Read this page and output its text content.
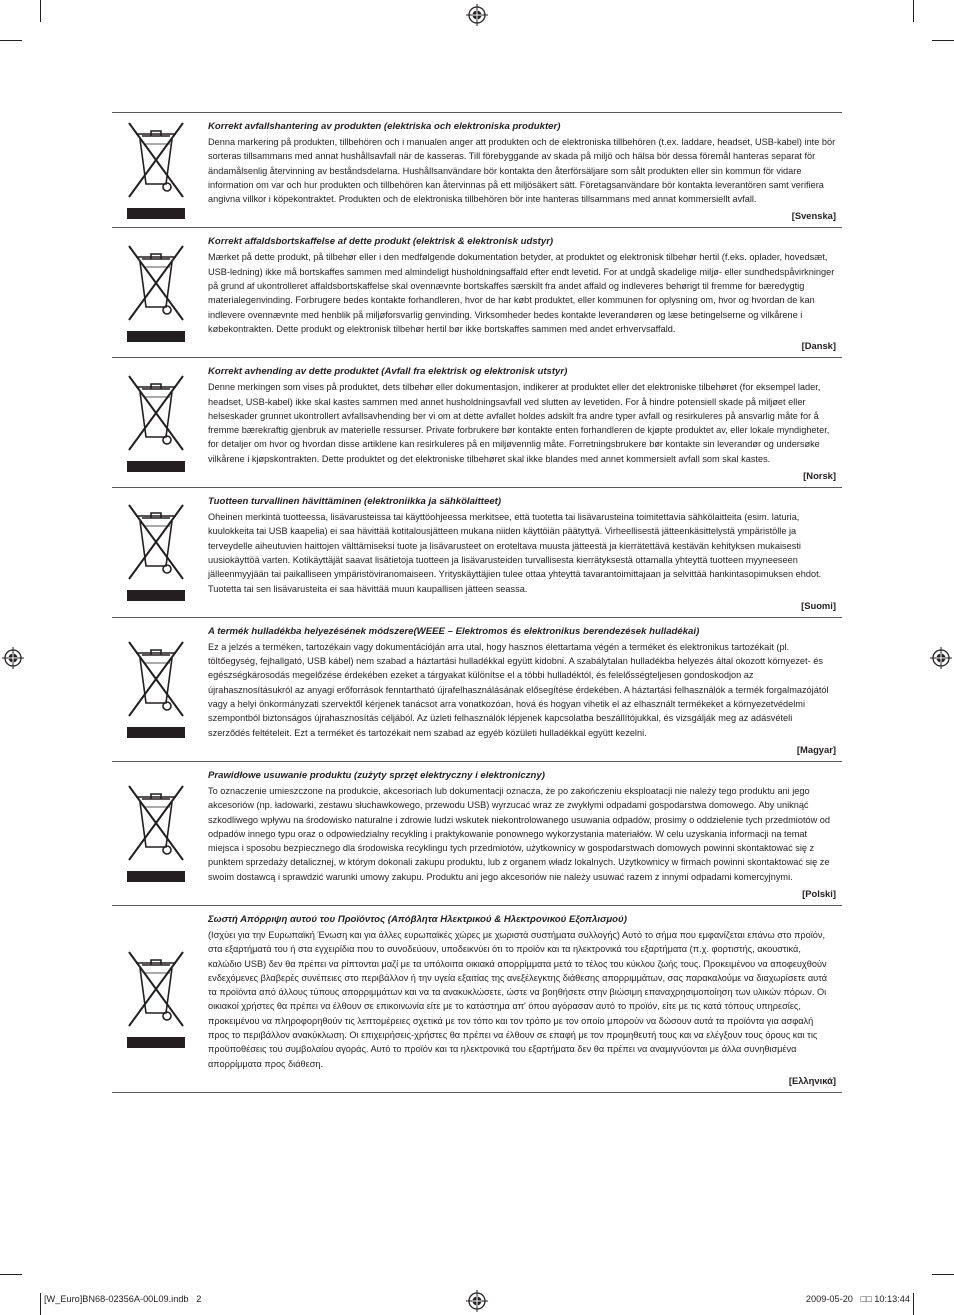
Korrekt avfallshantering av produkten (elektriska och elektroniska produkter)

Denna markering på produkten, tillbehören och i manualen anger att produkten och de elektroniska tillbehören (t.ex. laddare, headset, USB-kabel) inte bör sorteras tillsammans med annat hushållsavfall när de kasseras. Till förebyggande av skada på miljö och hälsa bör dessa föremål hanteras separat för ändamålsenlig återvinning av beståndsdelarna. Hushållsanvändare bör kontakta den återförsäljare som sålt produkten eller sin kommun för vidare information om var och hur produkten och tillbehören kan återvinnas på ett miljösäkert sätt. Företagsanvändare bör kontakta leverantören samt verifiera angivna villkor i köpekontraktet. Produkten och de elektroniska tillbehören bör inte hanteras tillsammans med annat kommersiellt avfall.

[Svenska]
Korrekt affaldsbortskaffelse af dette produkt (elektrisk & elektronisk udstyr)

Mærket på dette produkt, på tilbehør eller i den medfølgende dokumentation betyder, at produktet og elektronisk tilbehør hertil (f.eks. oplader, hovedsæt, USB-ledning) ikke må bortskaffes sammen med almindeligt husholdningsaffald efter endt levetid. For at undgå skadelige miljø- eller sundhedspåvirkninger på grund af ukontrolleret affaldsbortskaffelse skal ovennævnte bortskaffes særskilt fra andet affald og indleveres behørigt til fremme for bæredygtig materialegenvinding. Forbrugere bedes kontakte forhandleren, hvor de har købt produktet, eller kommunen for oplysning om, hvor og hvordan de kan indlevere ovennævnte med henblik på miljøforsvarlig genvinding. Virksomheder bedes kontakte leverandøren og læse betingelserne og vilkårene i købekontrakten. Dette produkt og elektronisk tilbehør hertil bør ikke bortskaffes sammen med andet erhvervsaffald.

[Dansk]
Korrekt avhending av dette produktet (Avfall fra elektrisk og elektronisk utstyr)

Denne merkingen som vises på produktet, dets tilbehør eller dokumentasjon, indikerer at produktet eller det elektroniske tilbehøret (for eksempel lader, headset, USB-kabel) ikke skal kastes sammen med annet husholdningsavfall ved slutten av levetiden. For å hindre potensiell skade på miljøet eller helseskader grunnet ukontrollert avfallsavhending ber vi om at dette avfallet holdes adskilt fra andre typer avfall og resirkuleres på ansvarlig måte for å fremme bærekraftig gjenbruk av materielle ressurser. Private forbrukere bør kontakte enten forhandleren de kjøpte produktet av, eller lokale myndigheter, for detaljer om hvor og hvordan disse artiklene kan resirkuleres på en miljøvennlig måte. Forretningsbrukere bør kontakte sin leverandør og undersøke vilkårene i kjøpskontrakten. Dette produktet og det elektroniske tilbehøret skal ikke blandes med annet kommersielt avfall som skal kastes.

[Norsk]
Tuotteen turvallinen hävittäminen (elektroniikka ja sähkölaitteet)

Oheinen merkintä tuotteessa, lisävarusteissa tai käyttöohjeessa merkitsee, että tuotetta tai lisävarusteina toimitettavia sähkölaitteita (esim. laturia, kuulokkeita tai USB kaapelia) ei saa hävittää kotitalousjätteen mukana niiden käyttöiän päätyttyä. Virheellisestä jätteenkäsittelystä ympäristölle ja terveydelle aiheutuvien haittojen välttämiseksi tuote ja lisävarusteet on eroteltava muusta jätteestä ja kierrätettävä kestävän kehityksen mukaisesti uusiokäyttöä varten. Kotikäyttäjät saavat lisätietoja tuotteen ja lisävarusteiden turvallisesta kierrätyksestä ottamalla yhteyttä tuotteen myyneeseen jälleenmyyjään tai paikalliseen ympäristöviranomaiseen. Yrityskäyttäjien tulee ottaa yhteyttä tavarantoimittajaan ja selvittää hankintasopimuksen ehdot. Tuotetta tai sen lisävarusteita ei saa hävittää muun kaupallisen jätteen seassa.

[Suomi]
A termék hulladékba helyezésének módszere(WEEE – Elektromos és elektronikus berendezések hulladékai)

Ez a jelzés a terméken, tartozékain vagy dokumentációján arra utal, hogy hasznos élettartama végén a terméket és elektronikus tartozékait (pl. töltőegység, fejhallgató, USB kábel) nem szabad a háztartási hulladékkal együtt kidobni. A szabálytalan hulladékba helyezés által okozott környezet- és egészségkárosodás megelőzése érdekében ezeket a tárgyakat különítse el a többi hulladéktól, és felelősségteljesen gondoskodjon az újrahasznosításukról az anyagi erőforrások fenntartható újrafelhasználásának elősegítése érdekében. A háztartási felhasználók a termék forgalmazójától vagy a helyi önkormányzati szervektől kérjenek tanácsot arra vonatkozóan, hová és hogyan vihetik el az elhasznált termékeket a környezetvédelmi szempontból biztonságos újrahasznosítás céljából. Az üzleti felhasználók lépjenek kapcsolatba beszállítójukkal, és vizsgálják meg az adásvételi szerződés feltételeit. Ezt a terméket és tartozékait nem szabad az egyéb közületi hulladékkal együtt kezelni.

[Magyar]
Prawidłowe usuwanie produktu (zużyty sprzęt elektryczny i elektroniczny)

To oznaczenie umieszczone na produkcie, akcesoriach lub dokumentacji oznacza, że po zakończeniu eksploatacji nie należy tego produktu ani jego akcesoriów (np. ładowarki, zestawu słuchawkowego, przewodu USB) wyrzucać wraz ze zwykłymi odpadami gospodarstwa domowego. Aby uniknąć szkodliwego wpływu na środowisko naturalne i zdrowie ludzi wskutek niekontrolowanego usuwania odpadów, prosimy o oddzielenie tych przedmiotów od odpadów innego typu oraz o odpowiedzialny recykling i praktykowanie ponownego wykorzystania materiałów. W celu uzyskania informacji na temat miejsca i sposobu bezpiecznego dla środowiska recyklingu tych przedmiotów, użytkownicy w gospodarstwach domowych powinni skontaktować się z punktem sprzedaży detalicznej, w którym dokonali zakupu produktu, lub z organem władz lokalnych. Użytkownicy w firmach powinni skontaktować się ze swoim dostawcą i sprawdzić warunki umowy zakupu. Produktu ani jego akcesoriów nie należy usuwać razem z innymi odpadami komercyjnymi.

[Polski]
Σωστή Απόρριψη αυτού του Προϊόντος (Απόβλητα Ηλεκτρικού & Ηλεκτρονικού Εξοπλισμού)

(Ισχύει για την Ευρωπαϊκή Ένωση και για άλλες ευρωπαϊκές χώρες με χωριστά συστήματα συλλογής) Αυτό το σήμα που εμφανίζεται επάνω στο προϊόν, στα εξαρτήματά του ή στα εγχειρίδια που το συνοδεύουν, υποδεικνύει ότι το προϊόν και τα ηλεκτρονικά του εξαρτήματα (π.χ. φορτιστής, ακουστικά, καλώδιο USB) δεν θα πρέπει να ρίπτονται μαζί με τα υπόλοιπα οικιακά απορρίμματα μετά το τέλος του κύκλου ζωής τους. Προκειμένου να αποφευχθούν ενδεχόμενες βλαβερές συνέπειες στο περιβάλλον ή την υγεία εξαιτίας της ανεξέλεγκτης διάθεσης απορριμμάτων, σας παρακαλούμε να διαχωρίσετε αυτά τα προϊόντα από άλλους τύπους απορριμμάτων και να τα ανακυκλώσετε, ώστε να βοηθήσετε στην βιώσιμη επαναχρησιμοποίηση των υλικών πόρων. Οι οικιακοί χρήστες θα πρέπει να έλθουν σε επικοινωνία είτε με το κατάστημα απ' όπου αγόρασαν αυτό το προϊόν, είτε με τις κατά τόπους υπηρεσίες, προκειμένου να πληροφορηθούν τις λεπτομέρειες σχετικά με τον τόπο και τον τρόπο με τον οποίο μπορούν να δώσουν αυτά τα προϊόντα για ασφαλή προς το περιβάλλον ανακύκλωση. Οι επιχειρήσεις-χρήστες θα πρέπει να έλθουν σε επαφή με τον προμηθευτή τους και να ελέγξουν τους όρους και τις προϋποθέσεις του συμβολαίου αγοράς. Αυτό το προϊόν και τα ηλεκτρονικά του εξαρτήματα δεν θα πρέπει να αναμιγνύονται με άλλα συνηθισμένα απορρίμματα προς διάθεση.

[Ελληνικά]
[W_Euro]BN68-02356A-00L09.indb   2	2009-05-20   □□ 10:13:44
